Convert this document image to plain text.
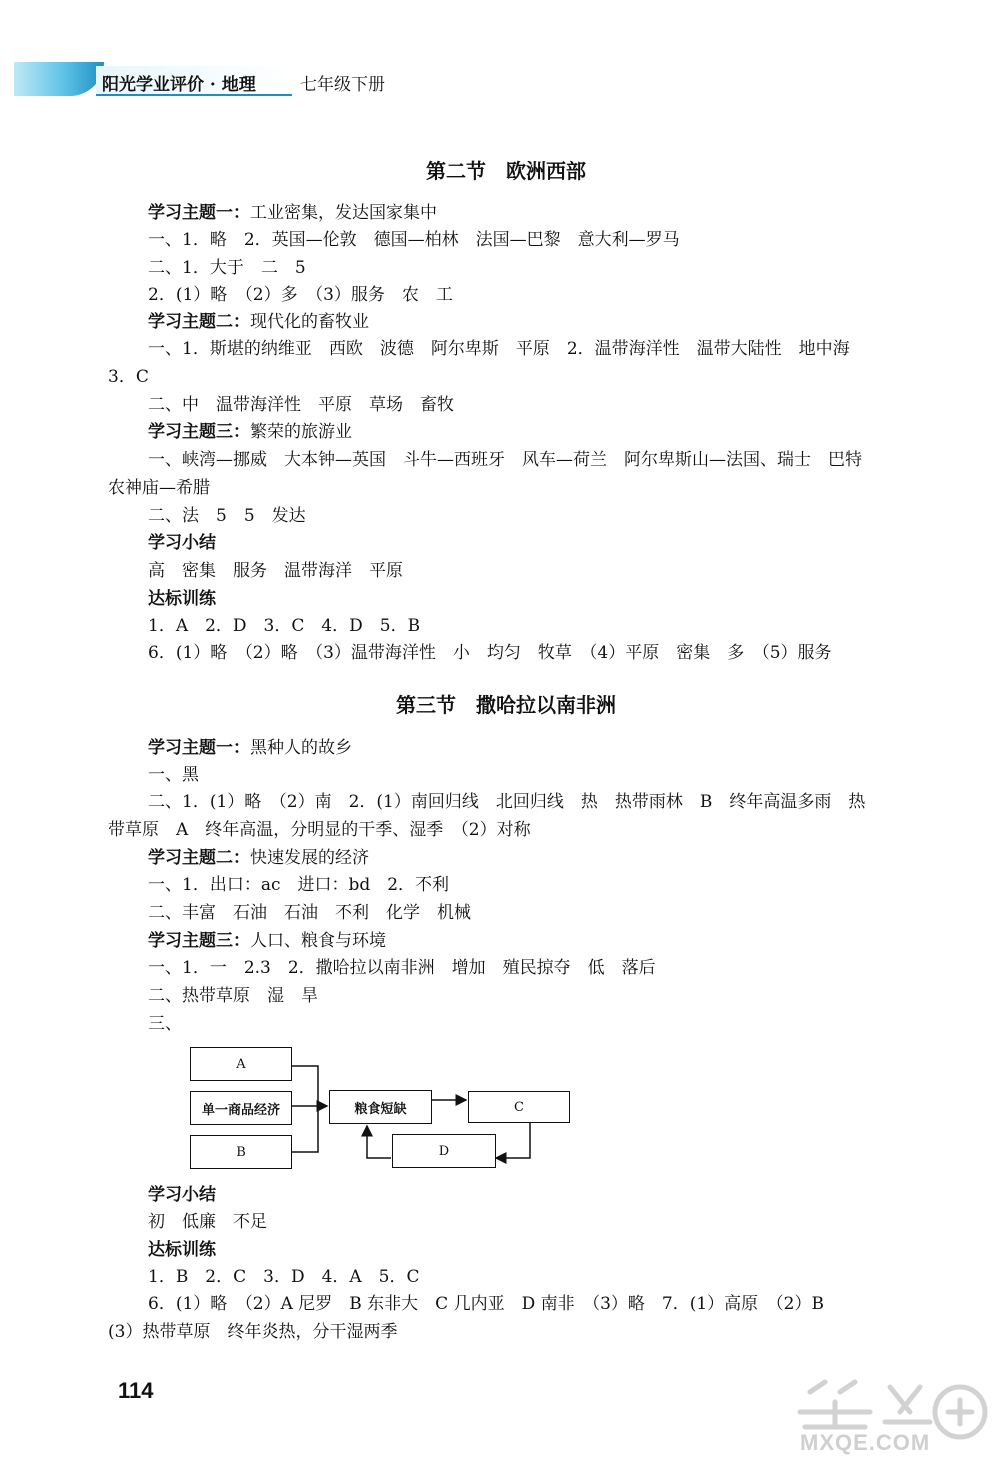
阳光学业评价 · 地理	七年级下册
第二节　欧洲西部
学习主题一：工业密集，发达国家集中
一、1．略　2．英国—伦敦　德国—柏林　法国—巴黎　意大利—罗马
二、1．大于　二　5
2．(1）略　（2）多　（3）服务　农　工
学习主题二：现代化的畜牧业
一、1．斯堪的纳维亚　西欧　波德　阿尔卑斯　平原　2．温带海洋性　温带大陆性　地中海
3．C
二、中　温带海洋性　平原　草场　畜牧
学习主题三：繁荣的旅游业
一、峡湾—挪威　大本钟—英国　斗牛—西班牙　风车—荷兰　阿尔卑斯山—法国、瑞士　巴特
农神庙—希腊
二、法　5　5　发达
学习小结
高　密集　服务　温带海洋　平原
达标训练
1．A　2．D　3．C　4．D　5．B
6．(1）略　（2）略　（3）温带海洋性　小　均匀　牧草　（4）平原　密集　多　（5）服务
第三节　撒哈拉以南非洲
学习主题一：黑种人的故乡
一、黑
二、1．(1）略　（2）南　2．(1）南回归线　北回归线　热　热带雨林　B　终年高温多雨　热
带草原　A　终年高温，分明显的干季、湿季　（2）对称
学习主题二：快速发展的经济
一、1．出口：ac　进口：bd　2．不利
二、丰富　石油　石油　不利　化学　机械
学习主题三：人口、粮食与环境
一、1．一　2.3　2．撒哈拉以南非洲　增加　殖民掠夺　低　落后
二、热带草原　湿　旱
三、
A
单一商品经济
B
粮食短缺	C
D
学习小结
初　低廉　不足
达标训练
1．B　2．C　3．D　4．A　5．C
6．(1）略　（2）A 尼罗　B 东非大　C 几内亚　D 南非　（3）略　7．(1）高原　（2）B
(3）热带草原　终年炎热，分干湿两季
114
MXQE.COM
